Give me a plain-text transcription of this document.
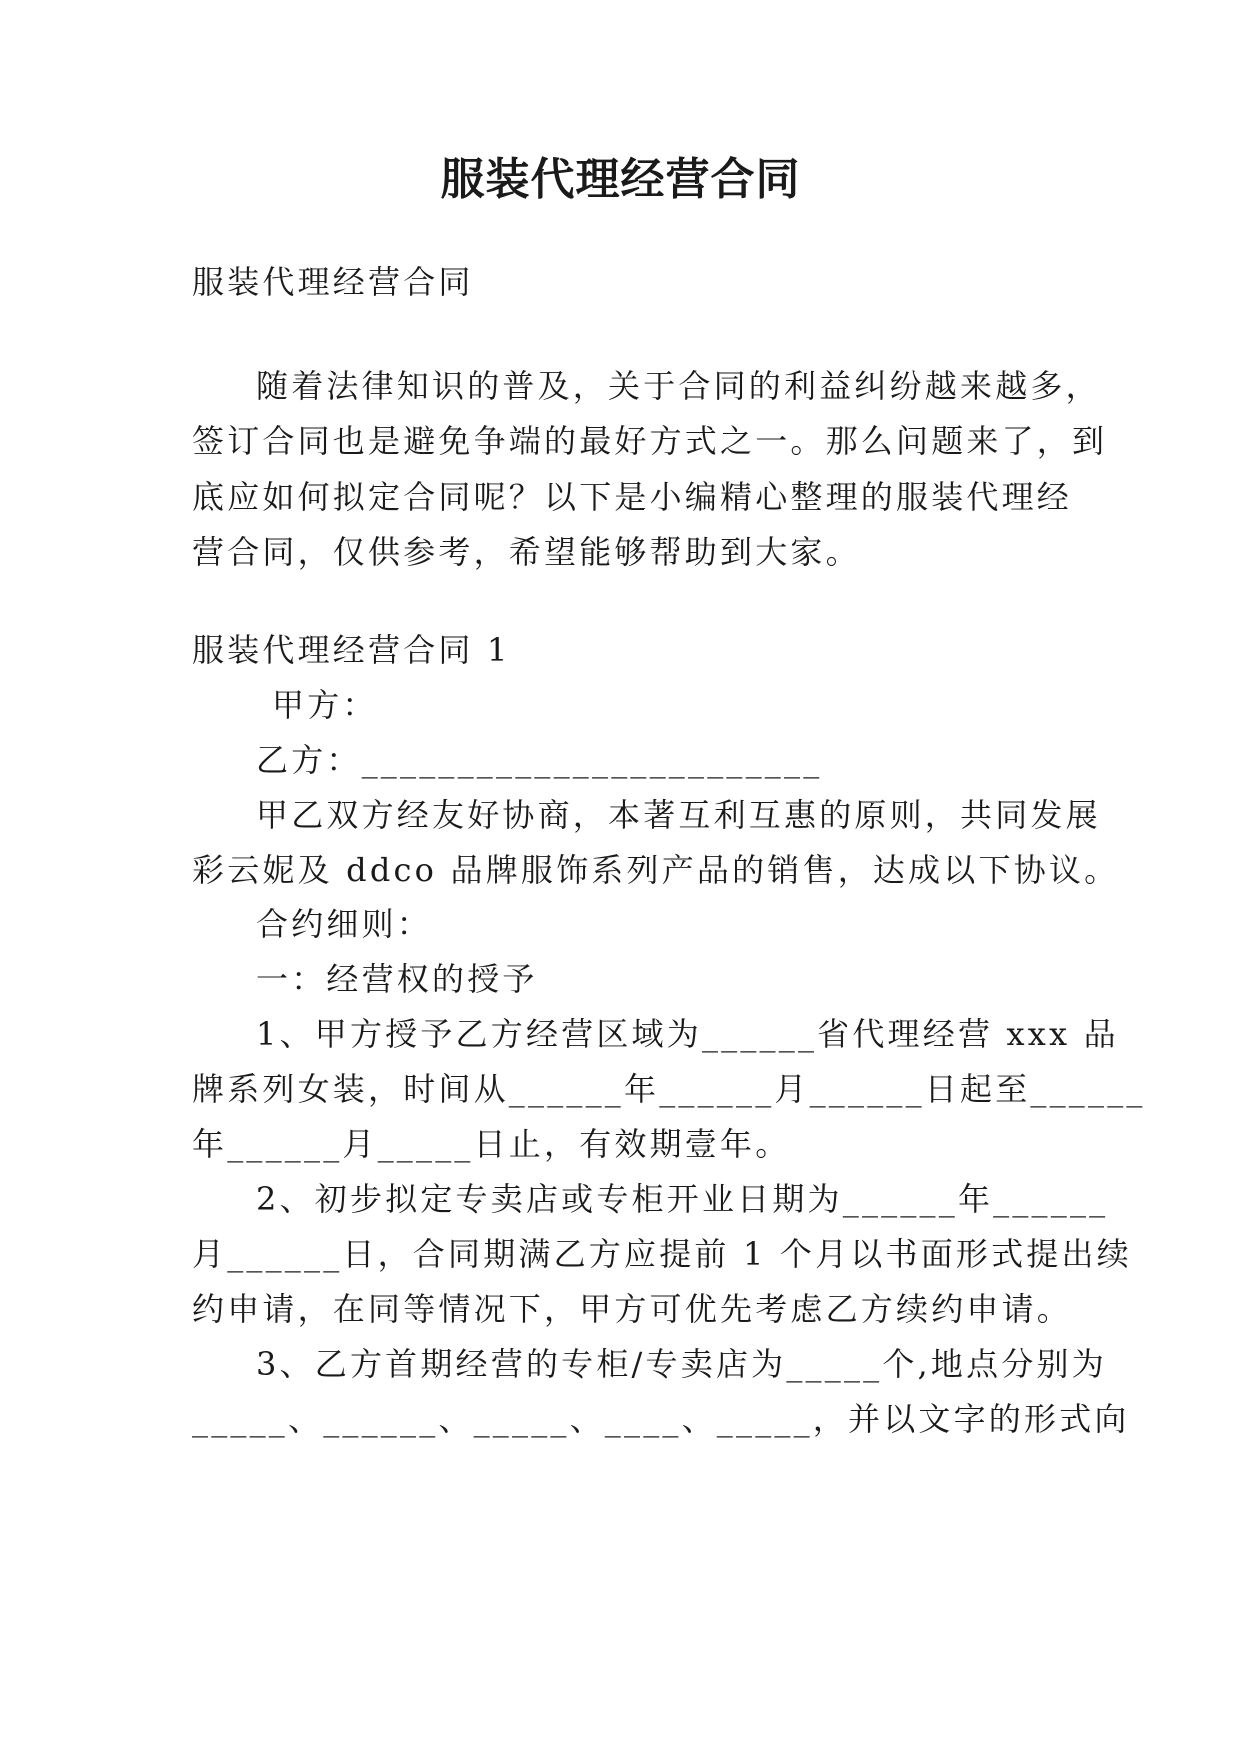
服装代理经营合同
服装代理经营合同
随着法律知识的普及，关于合同的利益纠纷越来越多，
签订合同也是避免争端的最好方式之一。那么问题来了，到
底应如何拟定合同呢？以下是小编精心整理的服装代理经
营合同，仅供参考，希望能够帮助到大家。
服装代理经营合同 1
甲方：
乙方：________________________
甲乙双方经友好协商，本著互利互惠的原则，共同发展
彩云妮及 ddco 品牌服饰系列产品的销售，达成以下协议。
合约细则：
一：经营权的授予
1、甲方授予乙方经营区域为______省代理经营 xxx 品
牌系列女装，时间从______年______月______日起至______
年______月_____日止，有效期壹年。
2、初步拟定专卖店或专柜开业日期为______年______
月______日，合同期满乙方应提前 1 个月以书面形式提出续
约申请，在同等情况下，甲方可优先考虑乙方续约申请。
3、乙方首期经营的专柜/专卖店为_____个,地点分别为
_____、______、_____、____、_____，并以文字的形式向
